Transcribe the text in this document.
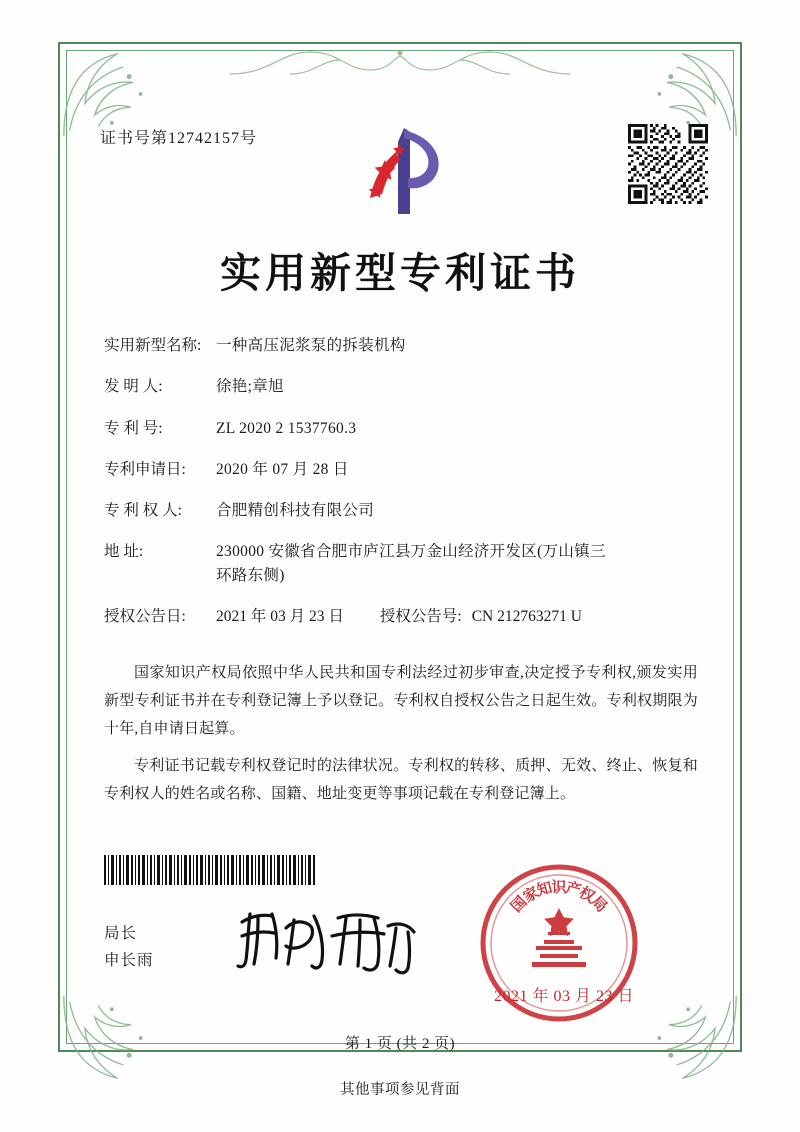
证书号第12742157号
实用新型专利证书
实用新型名称: 一种高压泥浆泵的拆装机构
发 明 人:	徐艳;章旭
专 利 号:	ZL 2020 2 1537760.3
专利申请日:	2020 年 07 月 28 日
专 利 权 人:	合肥精创科技有限公司
地 址:	230000 安徽省合肥市庐江县万金山经济开发区(万山镇三
环路东侧)
授权公告日:	2021 年 03 月 23 日 授权公告号: CN 212763271 U

国家知识产权局依照中华人民共和国专利法经过初步审查,决定授予专利权,颁发实用新型专利证书并在专利登记簿上予以登记。专利权自授权公告之日起生效。专利权期限为十年,自申请日起算。

专利证书记载专利权登记时的法律状况。专利权的转移、质押、无效、终止、恢复和专利权人的姓名或名称、国籍、地址变更等事项记载在专利登记簿上。

局长
申长雨
国
家
知
识
产
权
局
2021 年 03 月 23 日
第 1 页 (共 2 页)
其他事项参见背面
